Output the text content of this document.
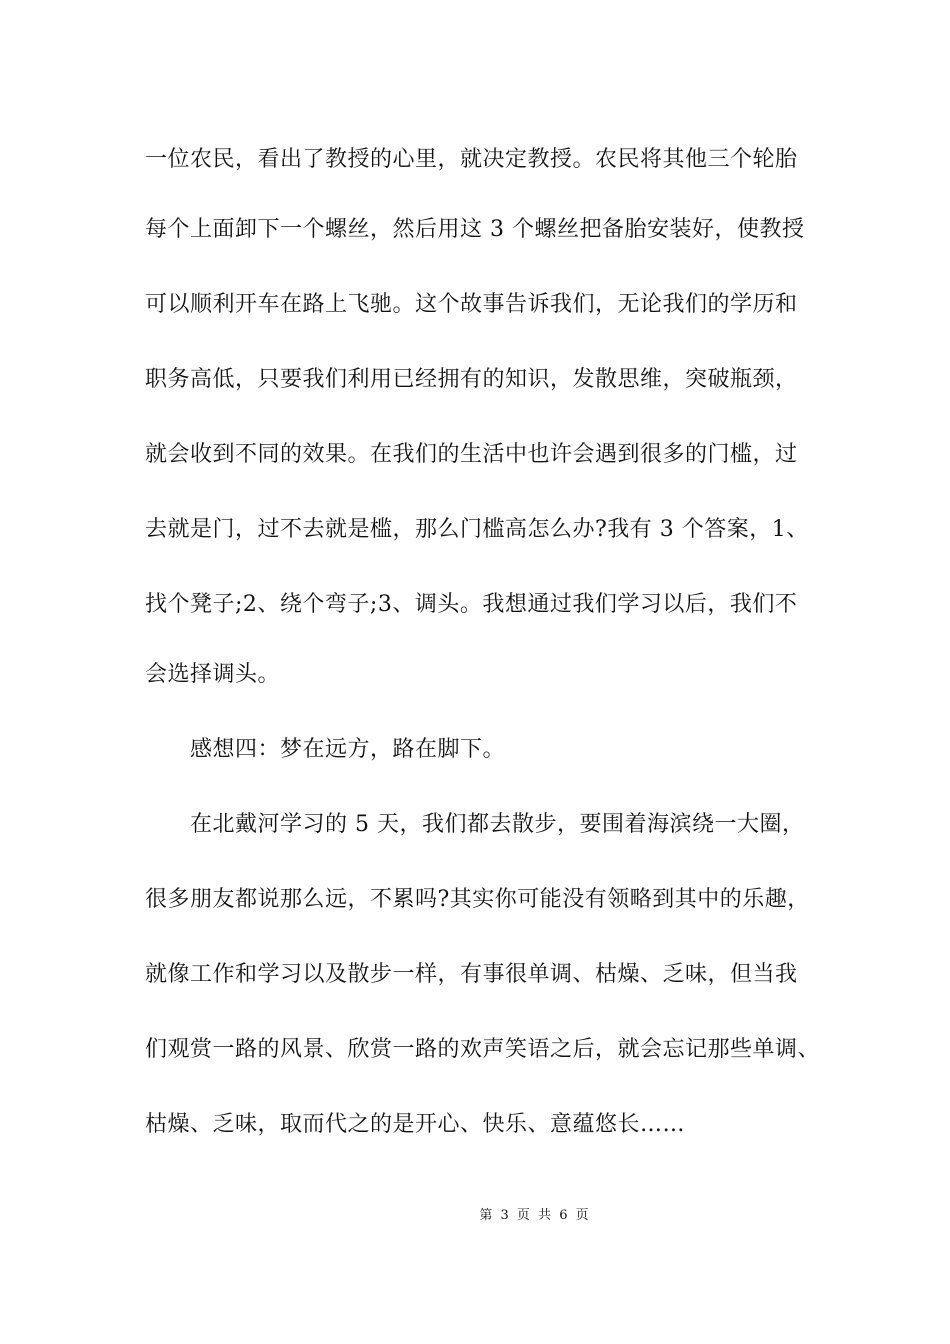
一位农民，看出了教授的心里，就决定教授。农民将其他三个轮胎
每个上面卸下一个螺丝，然后用这 3 个螺丝把备胎安装好，使教授
可以顺利开车在路上飞驰。这个故事告诉我们，无论我们的学历和
职务高低，只要我们利用已经拥有的知识，发散思维，突破瓶颈，
就会收到不同的效果。在我们的生活中也许会遇到很多的门槛，过
去就是门，过不去就是槛，那么门槛高怎么办?我有 3 个答案，1、
找个凳子;2、绕个弯子;3、调头。我想通过我们学习以后，我们不
会选择调头。
感想四：梦在远方，路在脚下。
在北戴河学习的 5 天，我们都去散步，要围着海滨绕一大圈，
很多朋友都说那么远，不累吗?其实你可能没有领略到其中的乐趣，
就像工作和学习以及散步一样，有事很单调、枯燥、乏味，但当我
们观赏一路的风景、欣赏一路的欢声笑语之后，就会忘记那些单调、
枯燥、乏味，取而代之的是开心、快乐、意蕴悠长……
第 3 页 共 6 页
